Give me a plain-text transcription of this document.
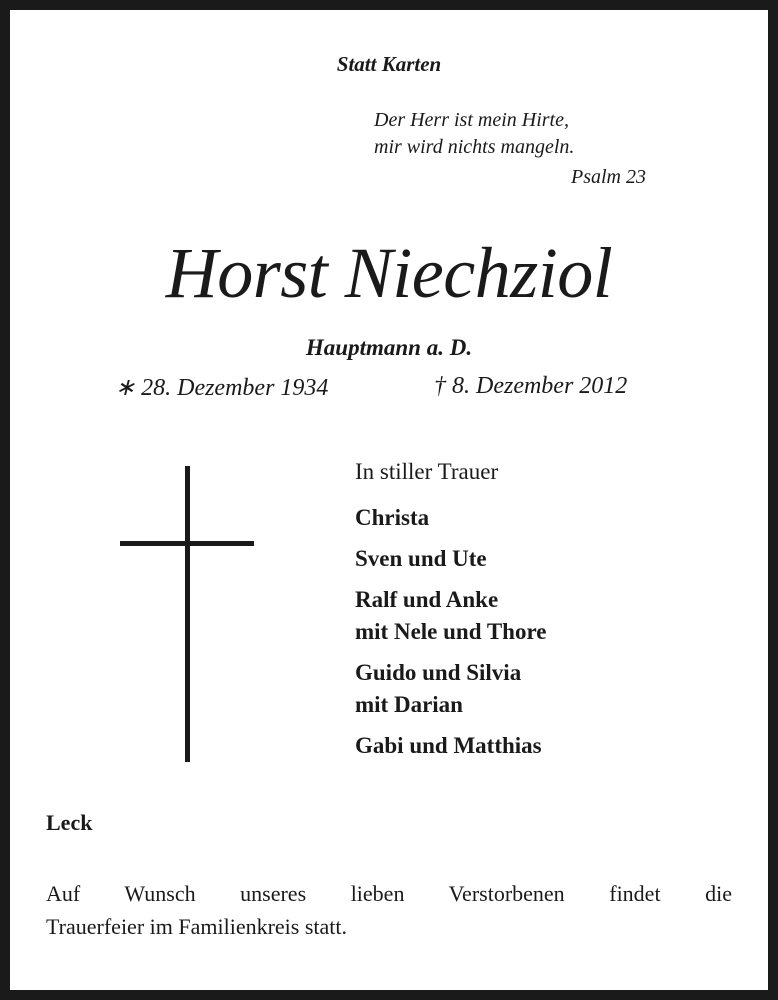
Statt Karten
Der Herr ist mein Hirte,
mir wird nichts mangeln.
Psalm 23
Horst Niechziol
Hauptmann a. D.
∗ 28. Dezember 1934	† 8. Dezember 2012
In stiller Trauer
Christa
Sven und Ute
Ralf und Anke
mit Nele und Thore
Guido und Silvia
mit Darian
Gabi und Matthias
Leck
Auf Wunsch unseres lieben Verstorbenen findet die
Trauerfeier im Familienkreis statt.
